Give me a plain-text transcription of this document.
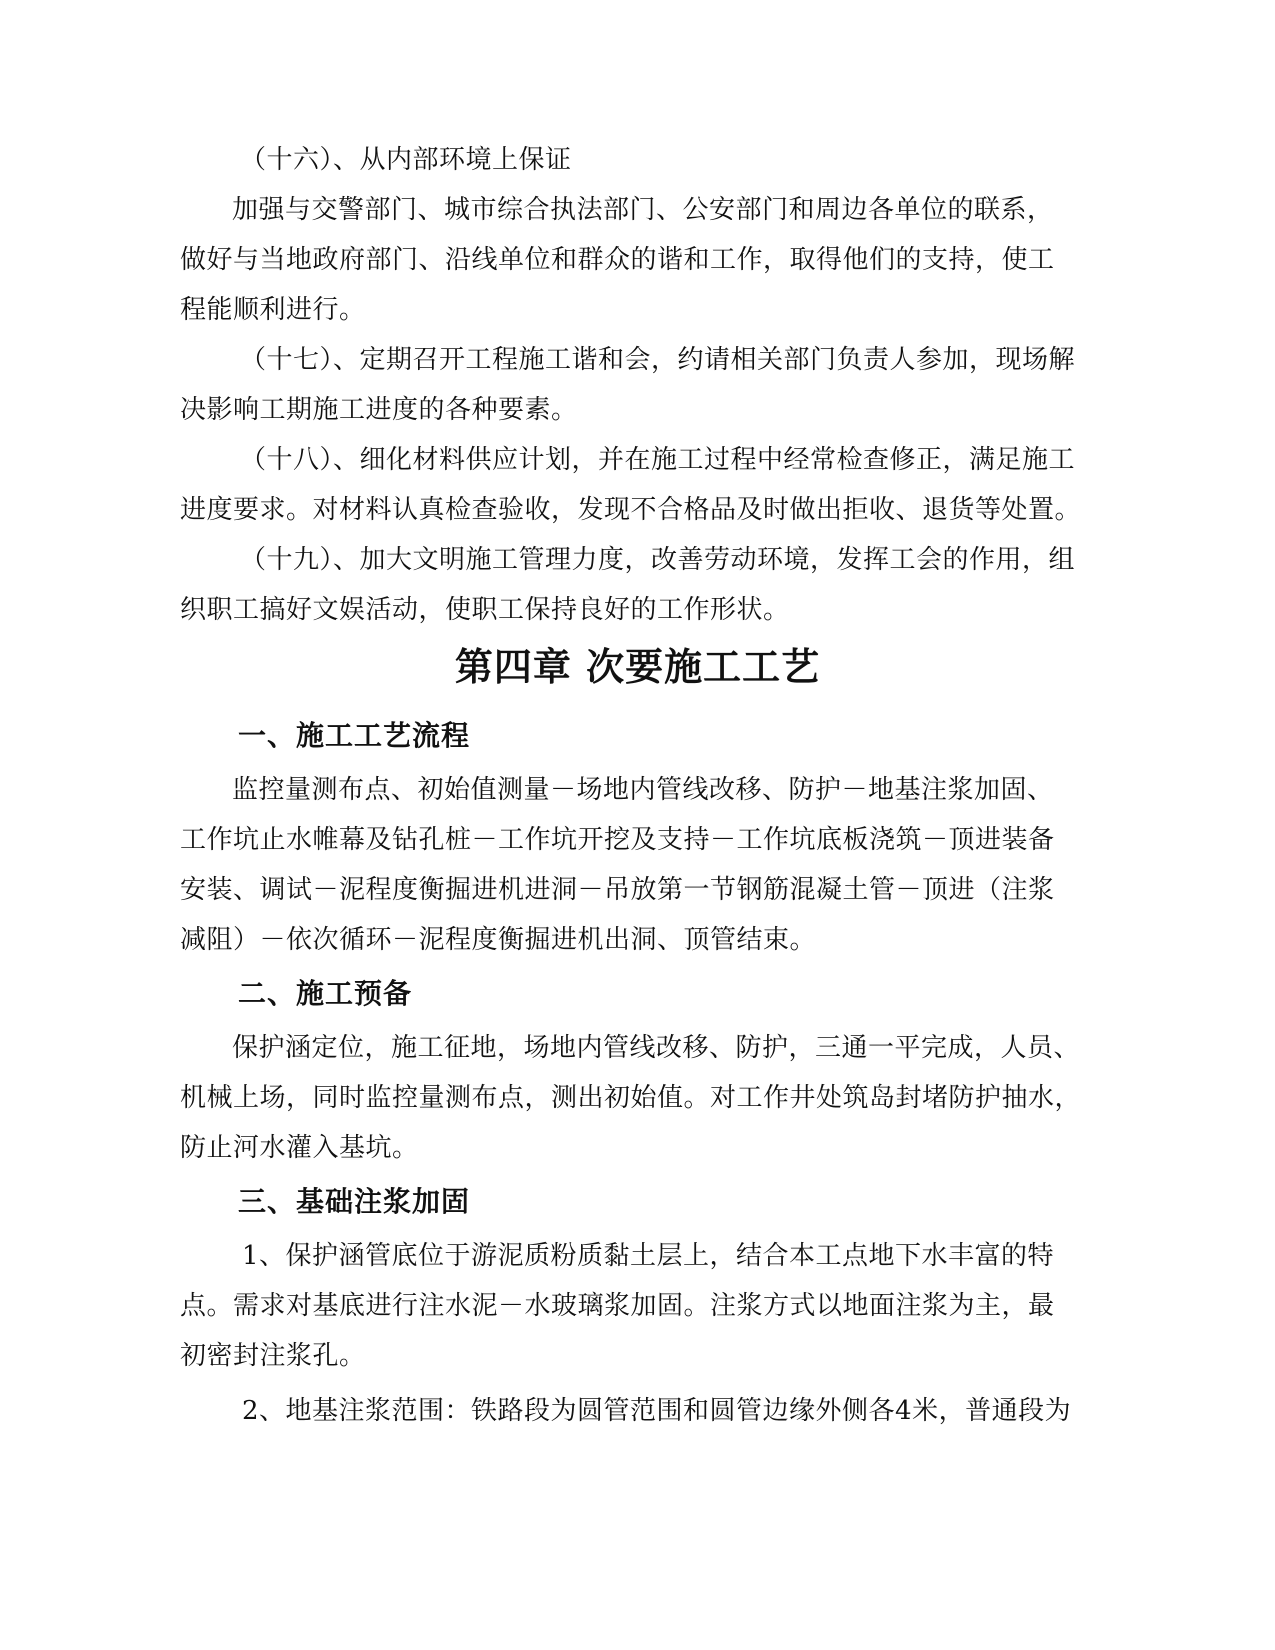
（十六）、从内部环境上保证
加强与交警部门、城市综合执法部门、公安部门和周边各单位的联系，
做好与当地政府部门、沿线单位和群众的谐和工作，取得他们的支持，使工
程能顺利进行。
（十七）、定期召开工程施工谐和会，约请相关部门负责人参加，现场解
决影响工期施工进度的各种要素。
（十八）、细化材料供应计划，并在施工过程中经常检查修正，满足施工
进度要求。对材料认真检查验收，发现不合格品及时做出拒收、退货等处置。
（十九）、加大文明施工管理力度，改善劳动环境，发挥工会的作用，组
织职工搞好文娱活动，使职工保持良好的工作形状。
第四章 次要施工工艺
一、施工工艺流程
监控量测布点、初始值测量－场地内管线改移、防护－地基注浆加固、
工作坑止水帷幕及钻孔桩－工作坑开挖及支持－工作坑底板浇筑－顶进装备
安装、调试－泥程度衡掘进机进洞－吊放第一节钢筋混凝土管－顶进（注浆
减阻）－依次循环－泥程度衡掘进机出洞、顶管结束。
二、施工预备
保护涵定位，施工征地，场地内管线改移、防护，三通一平完成，人员、
机械上场，同时监控量测布点，测出初始值。对工作井处筑岛封堵防护抽水，
防止河水灌入基坑。
三、基础注浆加固
1、保护涵管底位于游泥质粉质黏土层上，结合本工点地下水丰富的特
点。需求对基底进行注水泥－水玻璃浆加固。注浆方式以地面注浆为主，最
初密封注浆孔。
2、地基注浆范围：铁路段为圆管范围和圆管边缘外侧各4米，普通段为
